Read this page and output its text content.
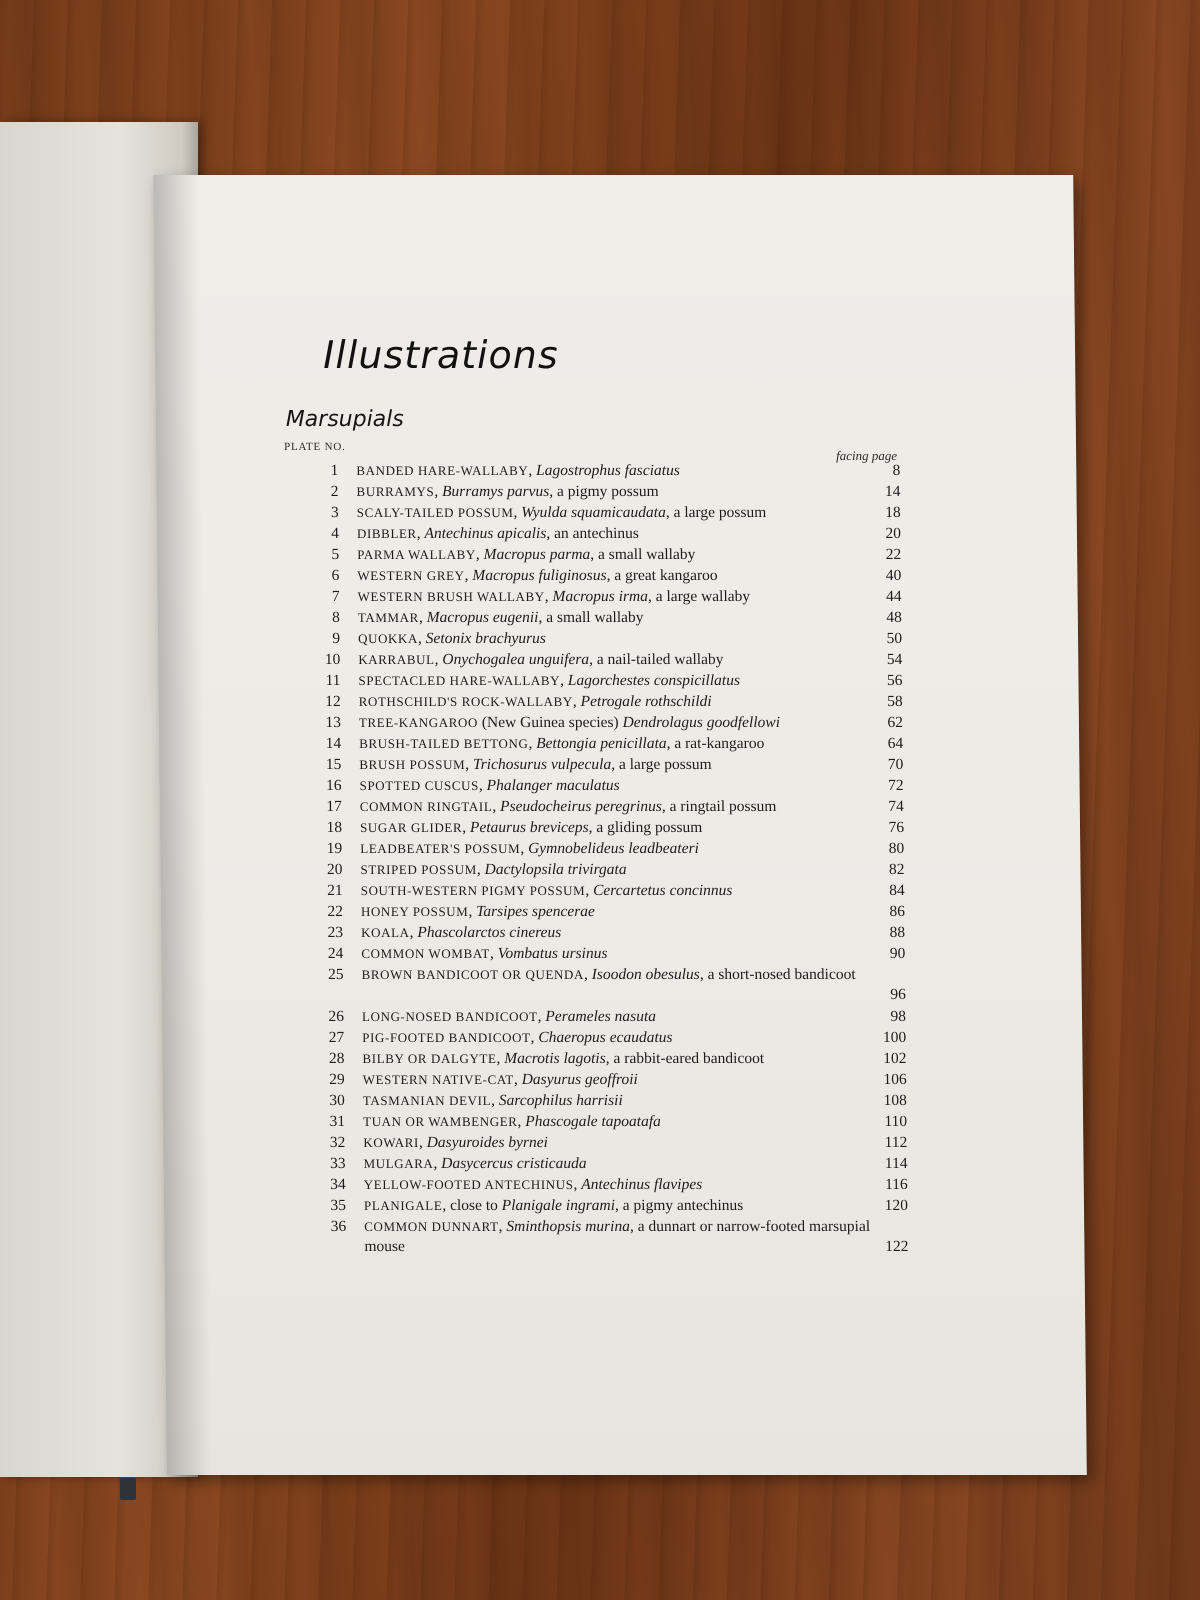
Illustrations
Marsupials
PLATE NO.
facing page
1 BANDED HARE-WALLABY, Lagostrophus fasciatus	8
2 BURRAMYS, Burramys parvus, a pigmy possum	14
3 SCALY-TAILED POSSUM, Wyulda squamicaudata, a large possum	18
4 DIBBLER, Antechinus apicalis, an antechinus	20
5 PARMA WALLABY, Macropus parma, a small wallaby	22
6 WESTERN GREY, Macropus fuliginosus, a great kangaroo	40
7 WESTERN BRUSH WALLABY, Macropus irma, a large wallaby	44
8 TAMMAR, Macropus eugenii, a small wallaby	48
9 QUOKKA, Setonix brachyurus	50
10 KARRABUL, Onychogalea unguifera, a nail-tailed wallaby	54
11 SPECTACLED HARE-WALLABY, Lagorchestes conspicillatus	56
12 ROTHSCHILD'S ROCK-WALLABY, Petrogale rothschildi	58
13 TREE-KANGAROO (New Guinea species) Dendrolagus goodfellowi	62
14 BRUSH-TAILED BETTONG, Bettongia penicillata, a rat-kangaroo	64
15 BRUSH POSSUM, Trichosurus vulpecula, a large possum	70
16 SPOTTED CUSCUS, Phalanger maculatus	72
17 COMMON RINGTAIL, Pseudocheirus peregrinus, a ringtail possum	74
18 SUGAR GLIDER, Petaurus breviceps, a gliding possum	76
19 LEADBEATER'S POSSUM, Gymnobelideus leadbeateri	80
20 STRIPED POSSUM, Dactylopsila trivirgata	82
21 SOUTH-WESTERN PIGMY POSSUM, Cercartetus concinnus	84
22 HONEY POSSUM, Tarsipes spencerae	86
23 KOALA, Phascolarctos cinereus	88
24 COMMON WOMBAT, Vombatus ursinus	90
25 BROWN BANDICOOT OR QUENDA, Isoodon obesulus, a short-nosed bandicoot
96
26 LONG-NOSED BANDICOOT, Perameles nasuta	98
27 PIG-FOOTED BANDICOOT, Chaeropus ecaudatus	100
28 BILBY OR DALGYTE, Macrotis lagotis, a rabbit-eared bandicoot	102
29 WESTERN NATIVE-CAT, Dasyurus geoffroii	106
30 TASMANIAN DEVIL, Sarcophilus harrisii	108
31 TUAN OR WAMBENGER, Phascogale tapoatafa	110
32 KOWARI, Dasyuroides byrnei	112
33 MULGARA, Dasycercus cristicauda	114
34 YELLOW-FOOTED ANTECHINUS, Antechinus flavipes	116
35 PLANIGALE, close to Planigale ingrami, a pigmy antechinus	120
36 COMMON DUNNART, Sminthopsis murina, a dunnart or narrow-footed marsupial mouse	122
